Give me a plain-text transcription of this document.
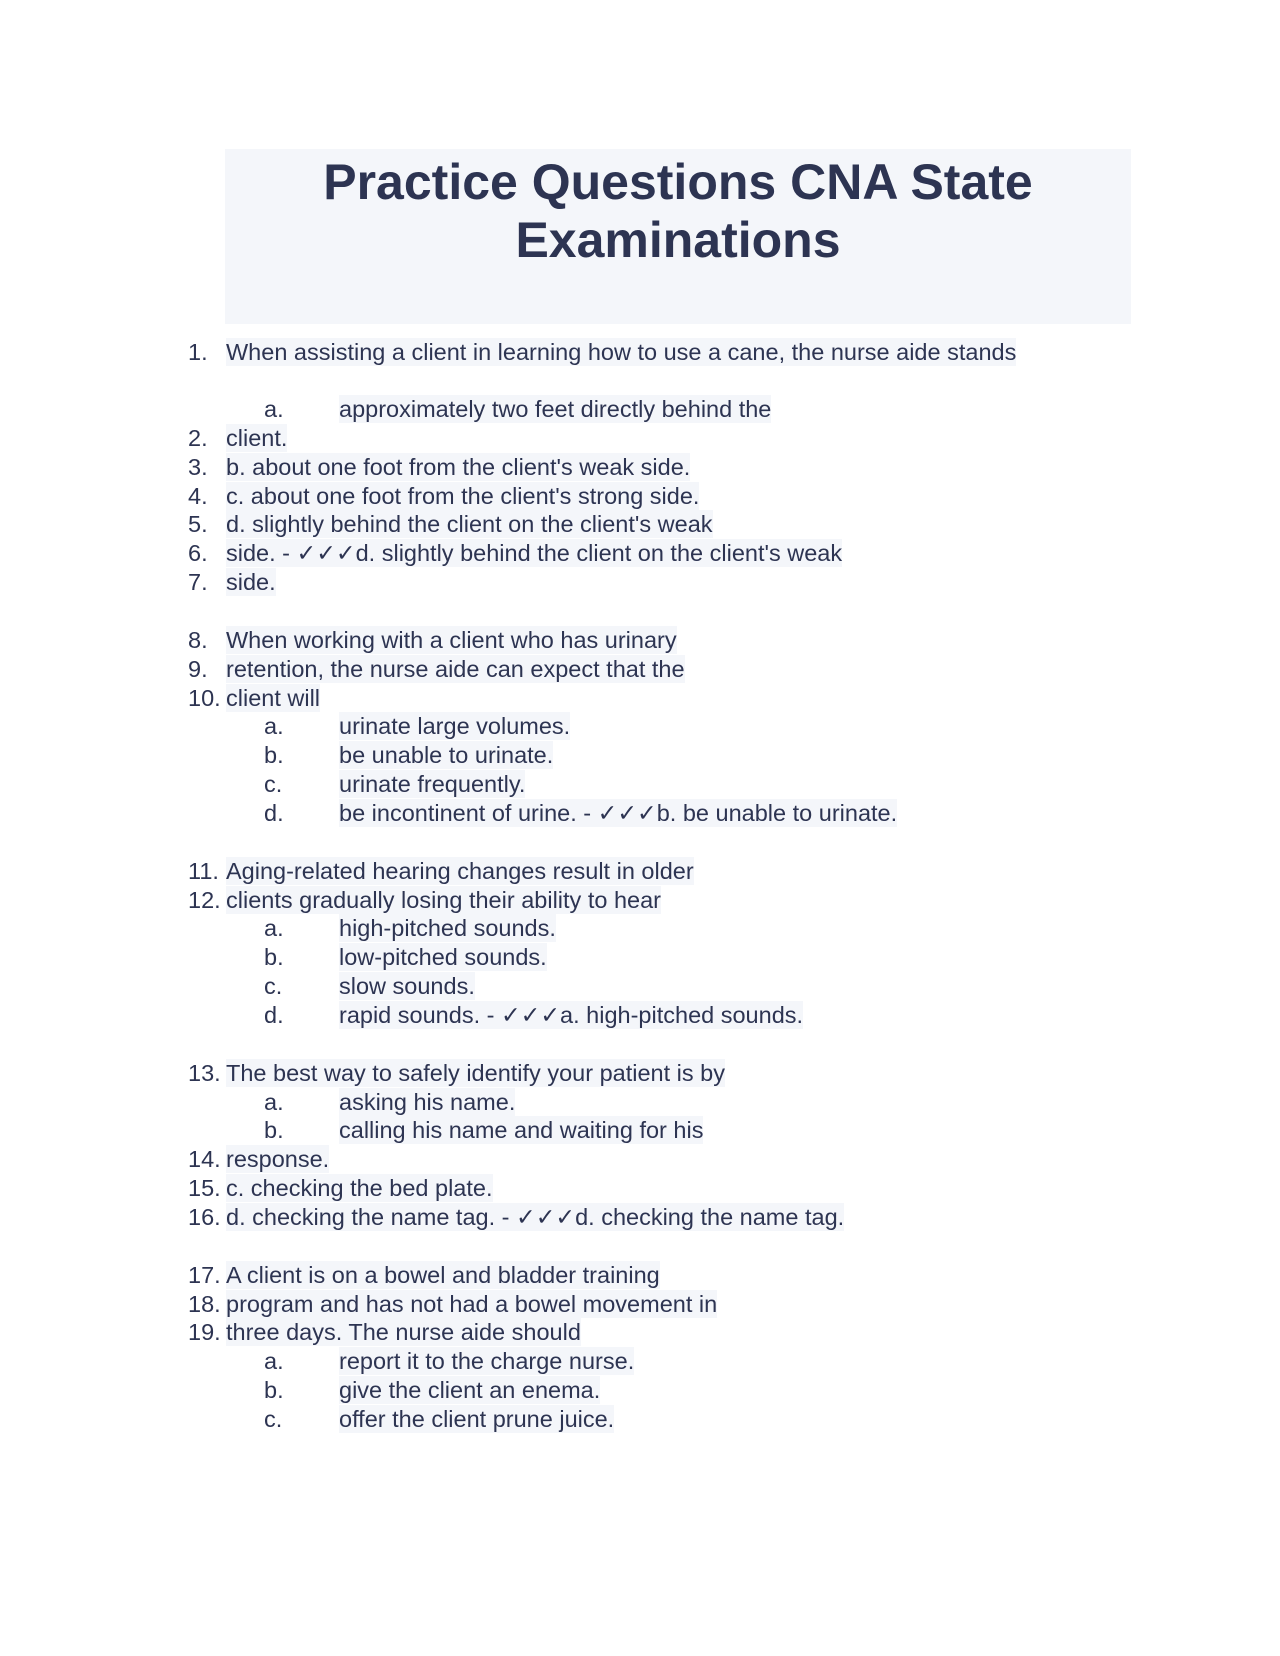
Practice Questions CNA State
Examinations
1. When assisting a client in learning how to use a cane, the nurse aide stands
a. approximately two feet directly behind the
2. client.
3. b. about one foot from the client's weak side.
4. c. about one foot from the client's strong side.
5. d. slightly behind the client on the client's weak
6. side. - ✓✓✓d. slightly behind the client on the client's weak
7. side.
8. When working with a client who has urinary
9. retention, the nurse aide can expect that the
10. client will
a. urinate large volumes.
b. be unable to urinate.
c. urinate frequently.
d. be incontinent of urine. - ✓✓✓b. be unable to urinate.
11. Aging-related hearing changes result in older
12. clients gradually losing their ability to hear
a. high-pitched sounds.
b. low-pitched sounds.
c. slow sounds.
d. rapid sounds. - ✓✓✓a. high-pitched sounds.
13. The best way to safely identify your patient is by
a. asking his name.
b. calling his name and waiting for his
14. response.
15. c. checking the bed plate.
16. d. checking the name tag. - ✓✓✓d. checking the name tag.
17. A client is on a bowel and bladder training
18. program and has not had a bowel movement in
19. three days. The nurse aide should
a. report it to the charge nurse.
b. give the client an enema.
c. offer the client prune juice.
